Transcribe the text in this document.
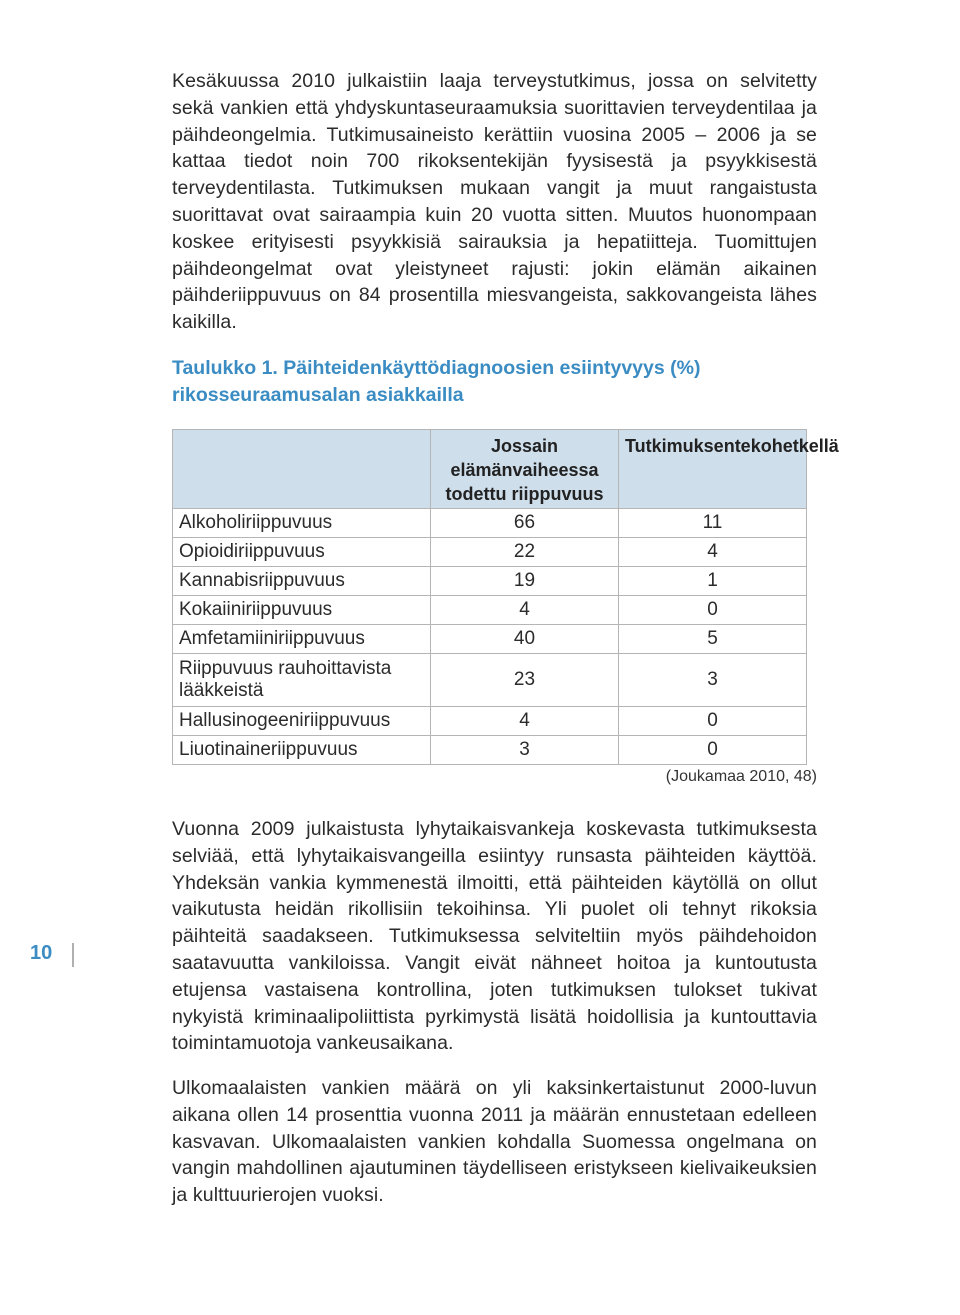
Kesäkuussa 2010 julkaistiin laaja terveystutkimus, jossa on selvitetty sekä vankien että yhdyskuntaseuraamuksia suorittavien terveydentilaa ja päihdeongelmia. Tutkimusaineisto kerättiin vuosina 2005 – 2006 ja se kattaa tiedot noin 700 rikoksentekijän fyysisestä ja psyykkisestä terveydentilasta. Tutkimuksen mukaan vangit ja muut rangaistusta suorittavat ovat sairaampia kuin 20 vuotta sitten. Muutos huonompaan koskee erityisesti psyykkisiä sairauksia ja hepatiitteja. Tuomittujen päihdeongelmat ovat yleistyneet rajusti: jokin elämän aikainen päihderiippuvuus on 84 prosentilla miesvangeista, sakkovangeista lähes kaikilla.

Taulukko 1. Päihteidenkäyttödiagnoosien esiintyvyys (%) rikosseuraamusalan asiakkailla
	Jossain elämänvaiheessa todettu riippuvuus	Tutkimuksentekohetkellä
Alkoholiriippuvuus	66	11
Opioidiriippuvuus	22	4
Kannabisriippuvuus	19	1
Kokaiiniriippuvuus	4	0
Amfetamiiniriippuvuus	40	5
Riippuvuus rauhoittavista lääkkeistä	23	3
Hallusinogeeniriippuvuus	4	0
Liuotinaineriippuvuus	3	0
(Joukamaa 2010, 48)

Vuonna 2009 julkaistusta lyhytaikaisvankeja koskevasta tutkimuksesta selviää, että lyhytaikaisvangeilla esiintyy runsasta päihteiden käyttöä. Yhdeksän vankia kymmenestä ilmoitti, että päihteiden käytöllä on ollut vaikutusta heidän rikollisiin tekoihinsa. Yli puolet oli tehnyt rikoksia päihteitä saadakseen. Tutkimuksessa selviteltiin myös päihdehoidon saatavuutta vankiloissa. Vangit eivät nähneet hoitoa ja kuntoutusta etujensa vastaisena kontrollina, joten tutkimuksen tulokset tukivat nykyistä kriminaalipoliittista pyrkimystä lisätä hoidollisia ja kuntouttavia toimintamuotoja vankeusaikana.

Ulkomaalaisten vankien määrä on yli kaksinkertaistunut 2000-luvun aikana ollen 14 prosenttia vuonna 2011 ja määrän ennustetaan edelleen kasvavan. Ulkomaalaisten vankien kohdalla Suomessa ongelmana on vangin mahdollinen ajautuminen täydelliseen eristykseen kielivaikeuksien ja kulttuurierojen vuoksi.

10
